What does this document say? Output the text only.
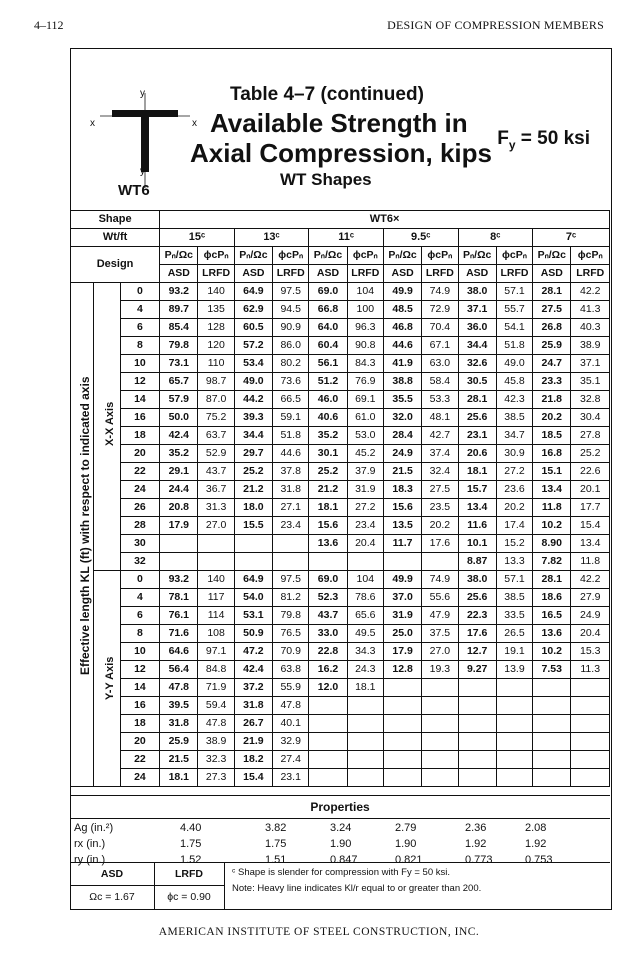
4–112	DESIGN OF COMPRESSION MEMBERS
y
x	x
y
Table 4–7 (continued)
Available Strength in
Axial Compression, kips
WT Shapes
$F_y = 50$ ksi
WT6
Shape			WT6×											
Wt/ft			15ᶜ		13ᶜ		11ᶜ		9.5ᶜ		8ᶜ		7ᶜ	
Design			Pₙ/Ωc	ϕcPₙ	Pₙ/Ωc	ϕcPₙ	Pₙ/Ωc	ϕcPₙ	Pₙ/Ωc	ϕcPₙ	Pₙ/Ωc	ϕcPₙ	Pₙ/Ωc	ϕcPₙ
			ASD	LRFD	ASD	LRFD	ASD	LRFD	ASD	LRFD	ASD	LRFD	ASD	LRFD
		0	93.2	140	64.9	97.5	69.0	104	49.9	74.9	38.0	57.1	28.1	42.2
		4	89.7	135	62.9	94.5	66.8	100	48.5	72.9	37.1	55.7	27.5	41.3
		6	85.4	128	60.5	90.9	64.0	96.3	46.8	70.4	36.0	54.1	26.8	40.3
		8	79.8	120	57.2	86.0	60.4	90.8	44.6	67.1	34.4	51.8	25.9	38.9
		10	73.1	110	53.4	80.2	56.1	84.3	41.9	63.0	32.6	49.0	24.7	37.1
		12	65.7	98.7	49.0	73.6	51.2	76.9	38.8	58.4	30.5	45.8	23.3	35.1
		14	57.9	87.0	44.2	66.5	46.0	69.1	35.5	53.3	28.1	42.3	21.8	32.8
		16	50.0	75.2	39.3	59.1	40.6	61.0	32.0	48.1	25.6	38.5	20.2	30.4
		18	42.4	63.7	34.4	51.8	35.2	53.0	28.4	42.7	23.1	34.7	18.5	27.8
		20	35.2	52.9	29.7	44.6	30.1	45.2	24.9	37.4	20.6	30.9	16.8	25.2
		22	29.1	43.7	25.2	37.8	25.2	37.9	21.5	32.4	18.1	27.2	15.1	22.6
		24	24.4	36.7	21.2	31.8	21.2	31.9	18.3	27.5	15.7	23.6	13.4	20.1
		26	20.8	31.3	18.0	27.1	18.1	27.2	15.6	23.5	13.4	20.2	11.8	17.7
		28	17.9	27.0	15.5	23.4	15.6	23.4	13.5	20.2	11.6	17.4	10.2	15.4
		30					13.6	20.4	11.7	17.6	10.1	15.2	8.90	13.4
		32									8.87	13.3	7.82	11.8
		0	93.2	140	64.9	97.5	69.0	104	49.9	74.9	38.0	57.1	28.1	42.2
		4	78.1	117	54.0	81.2	52.3	78.6	37.0	55.6	25.6	38.5	18.6	27.9
		6	76.1	114	53.1	79.8	43.7	65.6	31.9	47.9	22.3	33.5	16.5	24.9
		8	71.6	108	50.9	76.5	33.0	49.5	25.0	37.5	17.6	26.5	13.6	20.4
		10	64.6	97.1	47.2	70.9	22.8	34.3	17.9	27.0	12.7	19.1	10.2	15.3
		12	56.4	84.8	42.4	63.8	16.2	24.3	12.8	19.3	9.27	13.9	7.53	11.3
		14	47.8	71.9	37.2	55.9	12.0	18.1						
		16	39.5	59.4	31.8	47.8								
		18	31.8	47.8	26.7	40.1								
		20	25.9	38.9	21.9	32.9								
		22	21.5	32.3	18.2	27.4								
		24	18.1	27.3	15.4	23.1								
Effective length KL (ft) with respect to indicated axis X-X Axis
Y-Y Axis
Properties
Ag (in.²)	4.40	3.82	3.24	2.79	2.36	2.08
rx (in.)	1.75	1.75	1.90	1.90	1.92	1.92
ry (in.)	1.52	1.51	0.847	0.821	0.773	0.753
ASD	LRFD
Ωc = 1.67	ϕc = 0.90
ᶜ Shape is slender for compression with Fy = 50 ksi.
Note: Heavy line indicates Kl/r equal to or greater than 200.
AMERICAN INSTITUTE OF STEEL CONSTRUCTION, INC.
